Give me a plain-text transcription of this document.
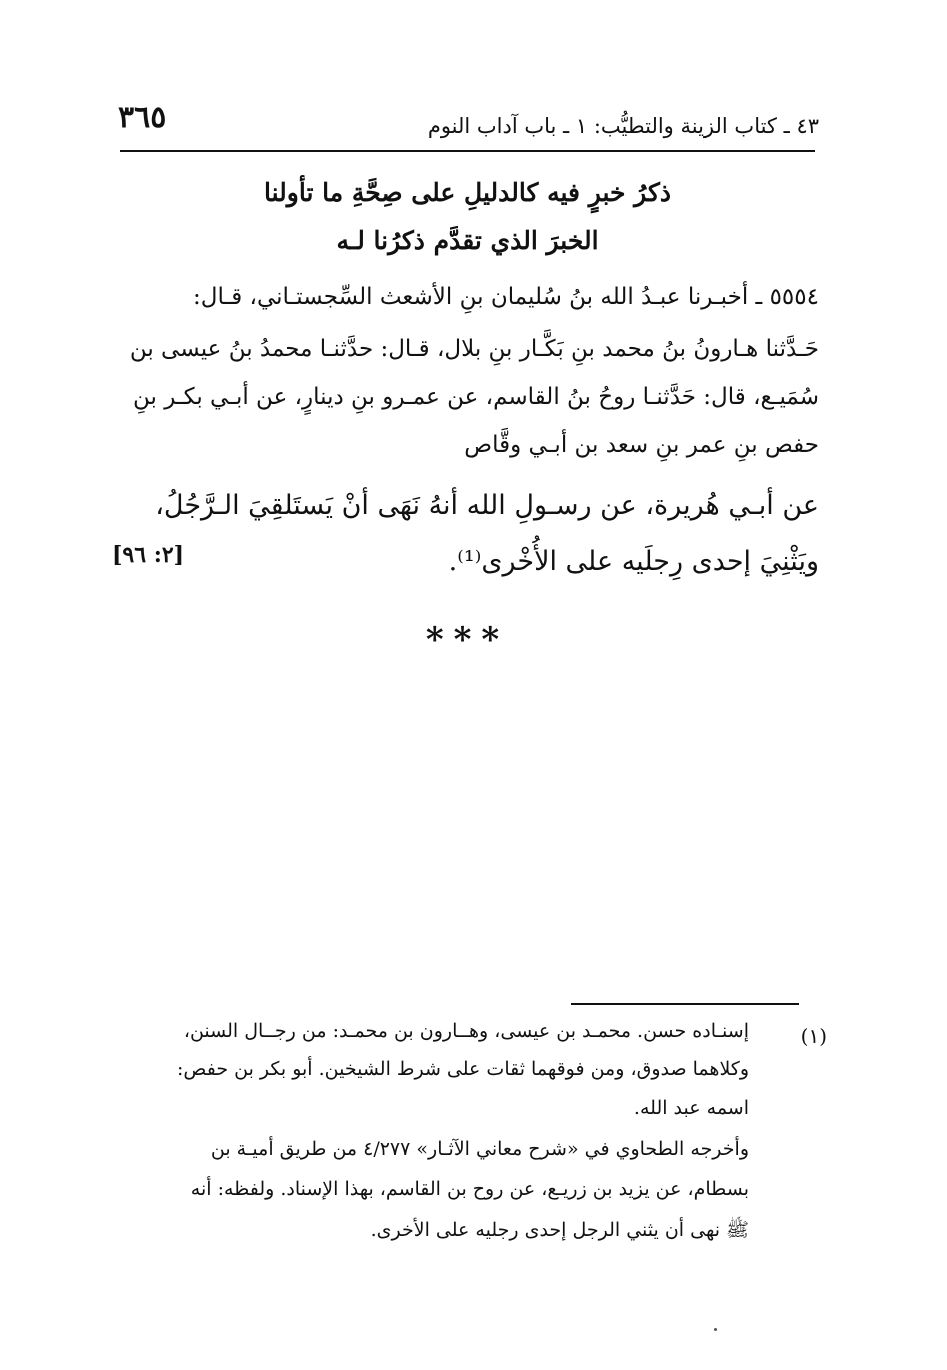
٣٦٥	٤٣ ـ كتاب الزينة والتطيُّب: ١ ـ باب آداب النوم
ذكرُ خبرٍ فيه كالدليلِ على صِحَّةِ ما تأولنا
الخبرَ الذي تقدَّم ذكرُنا لـه
٥٥٥٤ ـ أخبـرنا عبـدُ الله بنُ سُليمان بنِ الأشعث السِّجستـاني، قـال:
حَـدَّثنا هـارونُ بنُ محمد بنِ بَكَّـار بنِ بلال، قـال: حدَّثنـا محمدُ بنُ عيسى بن
سُمَيـع، قال: حَدَّثنـا روحُ بنُ القاسم، عن عمـرو بنِ دينارٍ، عن أبـي بكـر بنِ
حفص بنِ عمر بنِ سعد بن أبـي وقَّاص
عن أبـي هُريرة، عن رسـولِ الله أنهُ نَهَى أنْ يَستَلقِيَ الـرَّجُلُ،
ويَثْنِيَ إحدى رِجلَيه على الأُخْرى⁽¹⁾.
[٢: ٩٦]
***
(١)
إسنـاده حسن. محمـد بن عيسى، وهــارون بن محمـد: من رجــال السنن،
وكلاهما صدوق، ومن فوقهما ثقات على شرط الشيخين. أبو بكر بن حفص:
اسمه عبد الله.
وأخرجه الطحاوي في «شرح معاني الآثـار» ٤/٢٧٧ من طريق أميـة بن
بسطام، عن يزيد بن زريـع، عن روح بن القاسم، بهذا الإسناد. ولفظه: أنه
ﷺ نهى أن يثني الرجل إحدى رجليه على الأخرى.
